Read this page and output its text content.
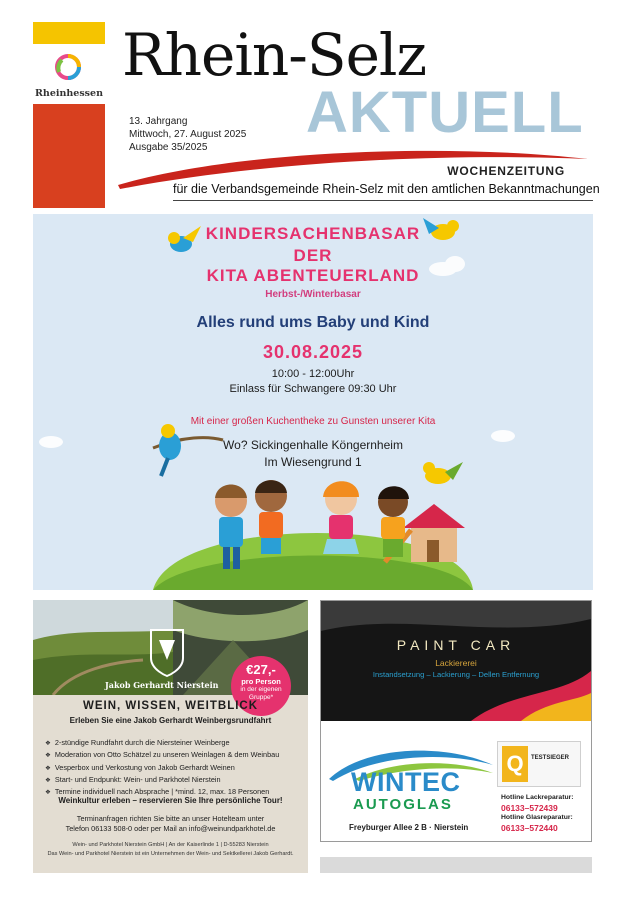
Rheinhessen
Rhein-Selz
AKTUELL
13. Jahrgang
Mittwoch, 27. August 2025
Ausgabe 35/2025
WOCHENZEITUNG
für die Verbandsgemeinde Rhein-Selz mit den amtlichen Bekanntmachungen
KINDERSACHENBASAR
DER
KITA ABENTEUERLAND
Herbst-/Winterbasar
Alles rund ums Baby und Kind
30.08.2025
10:00 - 12:00Uhr
Einlass für Schwangere 09:30 Uhr
Mit einer großen Kuchentheke zu Gunsten unserer Kita
Wo? Sickingenhalle Köngernheim
Im Wiesengrund 1
Jakob Gerhardt Nierstein
€27,-
pro Person
in der eigenen Gruppe*
WEIN, WISSEN, WEITBLICK
Erleben Sie eine Jakob Gerhardt Weinbergsrundfahrt
❖ 2-stündige Rundfahrt durch die Niersteiner Weinberge
❖ Moderation von Otto Schätzel zu unseren Weinlagen & dem Weinbau
❖ Vesperbox und Verkostung von Jakob Gerhardt Weinen
❖ Start- und Endpunkt: Wein- und Parkhotel Nierstein
❖ Termine individuell nach Absprache | *mind. 12, max. 18 Personen
Weinkultur erleben – reservieren Sie Ihre persönliche Tour!
Terminanfragen richten Sie bitte an unser Hotelteam unter
Telefon 06133 508-0 oder per Mail an info@weinundparkhotel.de
Wein- und Parkhotel Nierstein GmbH | An der Kaiserlinde 1 | D-55283 Nierstein
Das Wein- und Parkhotel Nierstein ist ein Unternehmen der Wein- und Sektkellerei Jakob Gerhardt.
PAINT CAR
Lackiererei
Instandsetzung – Lackierung – Dellen Entfernung
WINTEC
AUTOGLAS
Freyburger Allee 2 B · Nierstein
Q	TESTSIEGER
Hotline Lackreparatur:
06133–572439
Hotline Glasreparatur:
06133–572440
